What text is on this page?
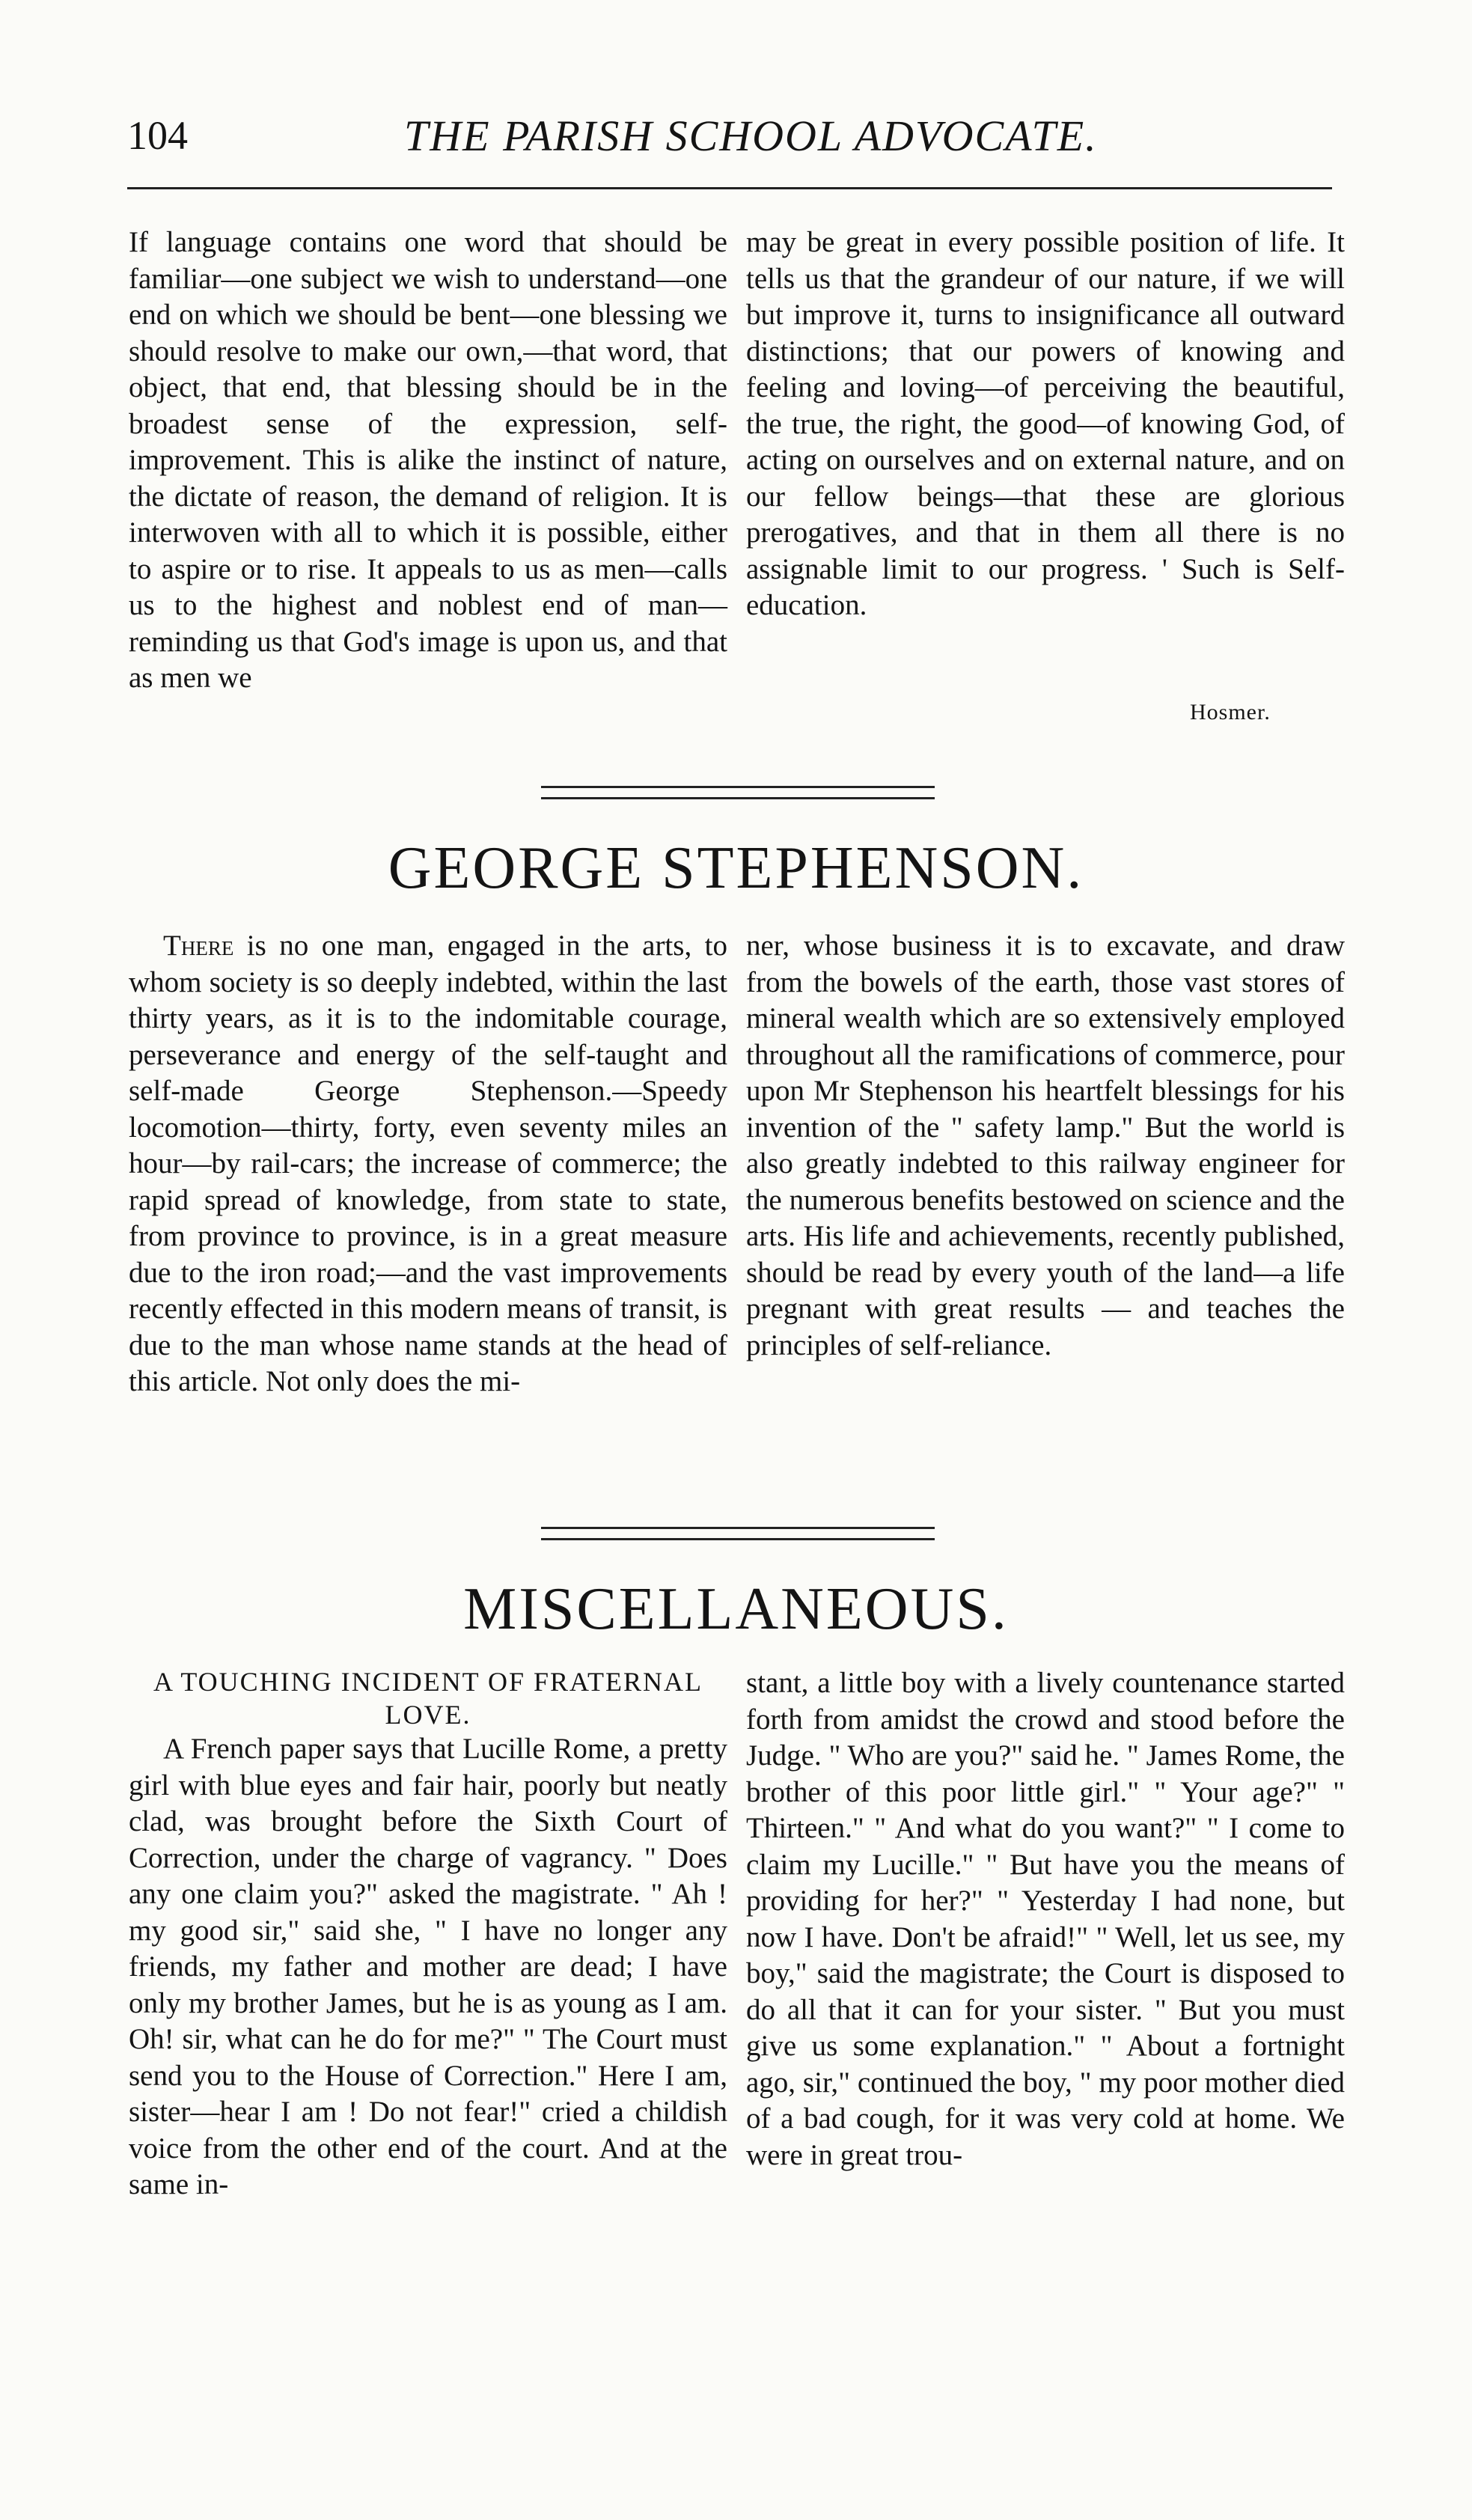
104	THE PARISH SCHOOL ADVOCATE.

If language contains one word that should be familiar—one subject we wish to understand—one end on which we should be bent—one blessing we should resolve to make our own,—that word, that object, that end, that blessing should be in the broadest sense of the expression, self-improvement. This is alike the instinct of nature, the dictate of reason, the demand of religion. It is interwoven with all to which it is possible, either to aspire or to rise. It appeals to us as men—calls us to the highest and noblest end of man—reminding us that God's image is upon us, and that as men we

may be great in every possible position of life. It tells us that the grandeur of our nature, if we will but improve it, turns to insignificance all outward distinctions; that our powers of knowing and feeling and loving—of perceiving the beautiful, the true, the right, the good—of knowing God, of acting on ourselves and on external nature, and on our fellow beings—that these are glorious prerogatives, and that in them all there is no assignable limit to our progress. ' Such is Self-education.

Hosmer.
GEORGE STEPHENSON.

There is no one man, engaged in the arts, to whom society is so deeply indebted, within the last thirty years, as it is to the indomitable courage, perseverance and energy of the self-taught and self-made George Stephenson.—Speedy locomotion—thirty, forty, even seventy miles an hour—by rail-cars; the increase of commerce; the rapid spread of knowledge, from state to state, from province to province, is in a great measure due to the iron road;—and the vast improvements recently effected in this modern means of transit, is due to the man whose name stands at the head of this article. Not only does the mi-

ner, whose business it is to excavate, and draw from the bowels of the earth, those vast stores of mineral wealth which are so extensively employed throughout all the ramifications of commerce, pour upon Mr Stephenson his heartfelt blessings for his invention of the " safety lamp." But the world is also greatly indebted to this railway engineer for the numerous benefits bestowed on science and the arts. His life and achievements, recently published, should be read by every youth of the land—a life pregnant with great results — and teaches the principles of self-reliance.

MISCELLANEOUS.

A TOUCHING INCIDENT OF FRATERNAL LOVE.

A French paper says that Lucille Rome, a pretty girl with blue eyes and fair hair, poorly but neatly clad, was brought before the Sixth Court of Correction, under the charge of vagrancy. " Does any one claim you?" asked the magistrate. " Ah ! my good sir," said she, " I have no longer any friends, my father and mother are dead; I have only my brother James, but he is as young as I am. Oh! sir, what can he do for me?" " The Court must send you to the House of Correction." Here I am, sister—hear I am ! Do not fear!" cried a childish voice from the other end of the court. And at the same in-

stant, a little boy with a lively countenance started forth from amidst the crowd and stood before the Judge. " Who are you?" said he. " James Rome, the brother of this poor little girl." " Your age?" " Thirteen." " And what do you want?" " I come to claim my Lucille." " But have you the means of providing for her?" " Yesterday I had none, but now I have. Don't be afraid!" " Well, let us see, my boy," said the magistrate; the Court is disposed to do all that it can for your sister. " But you must give us some explanation." " About a fortnight ago, sir," continued the boy, " my poor mother died of a bad cough, for it was very cold at home. We were in great trou-
